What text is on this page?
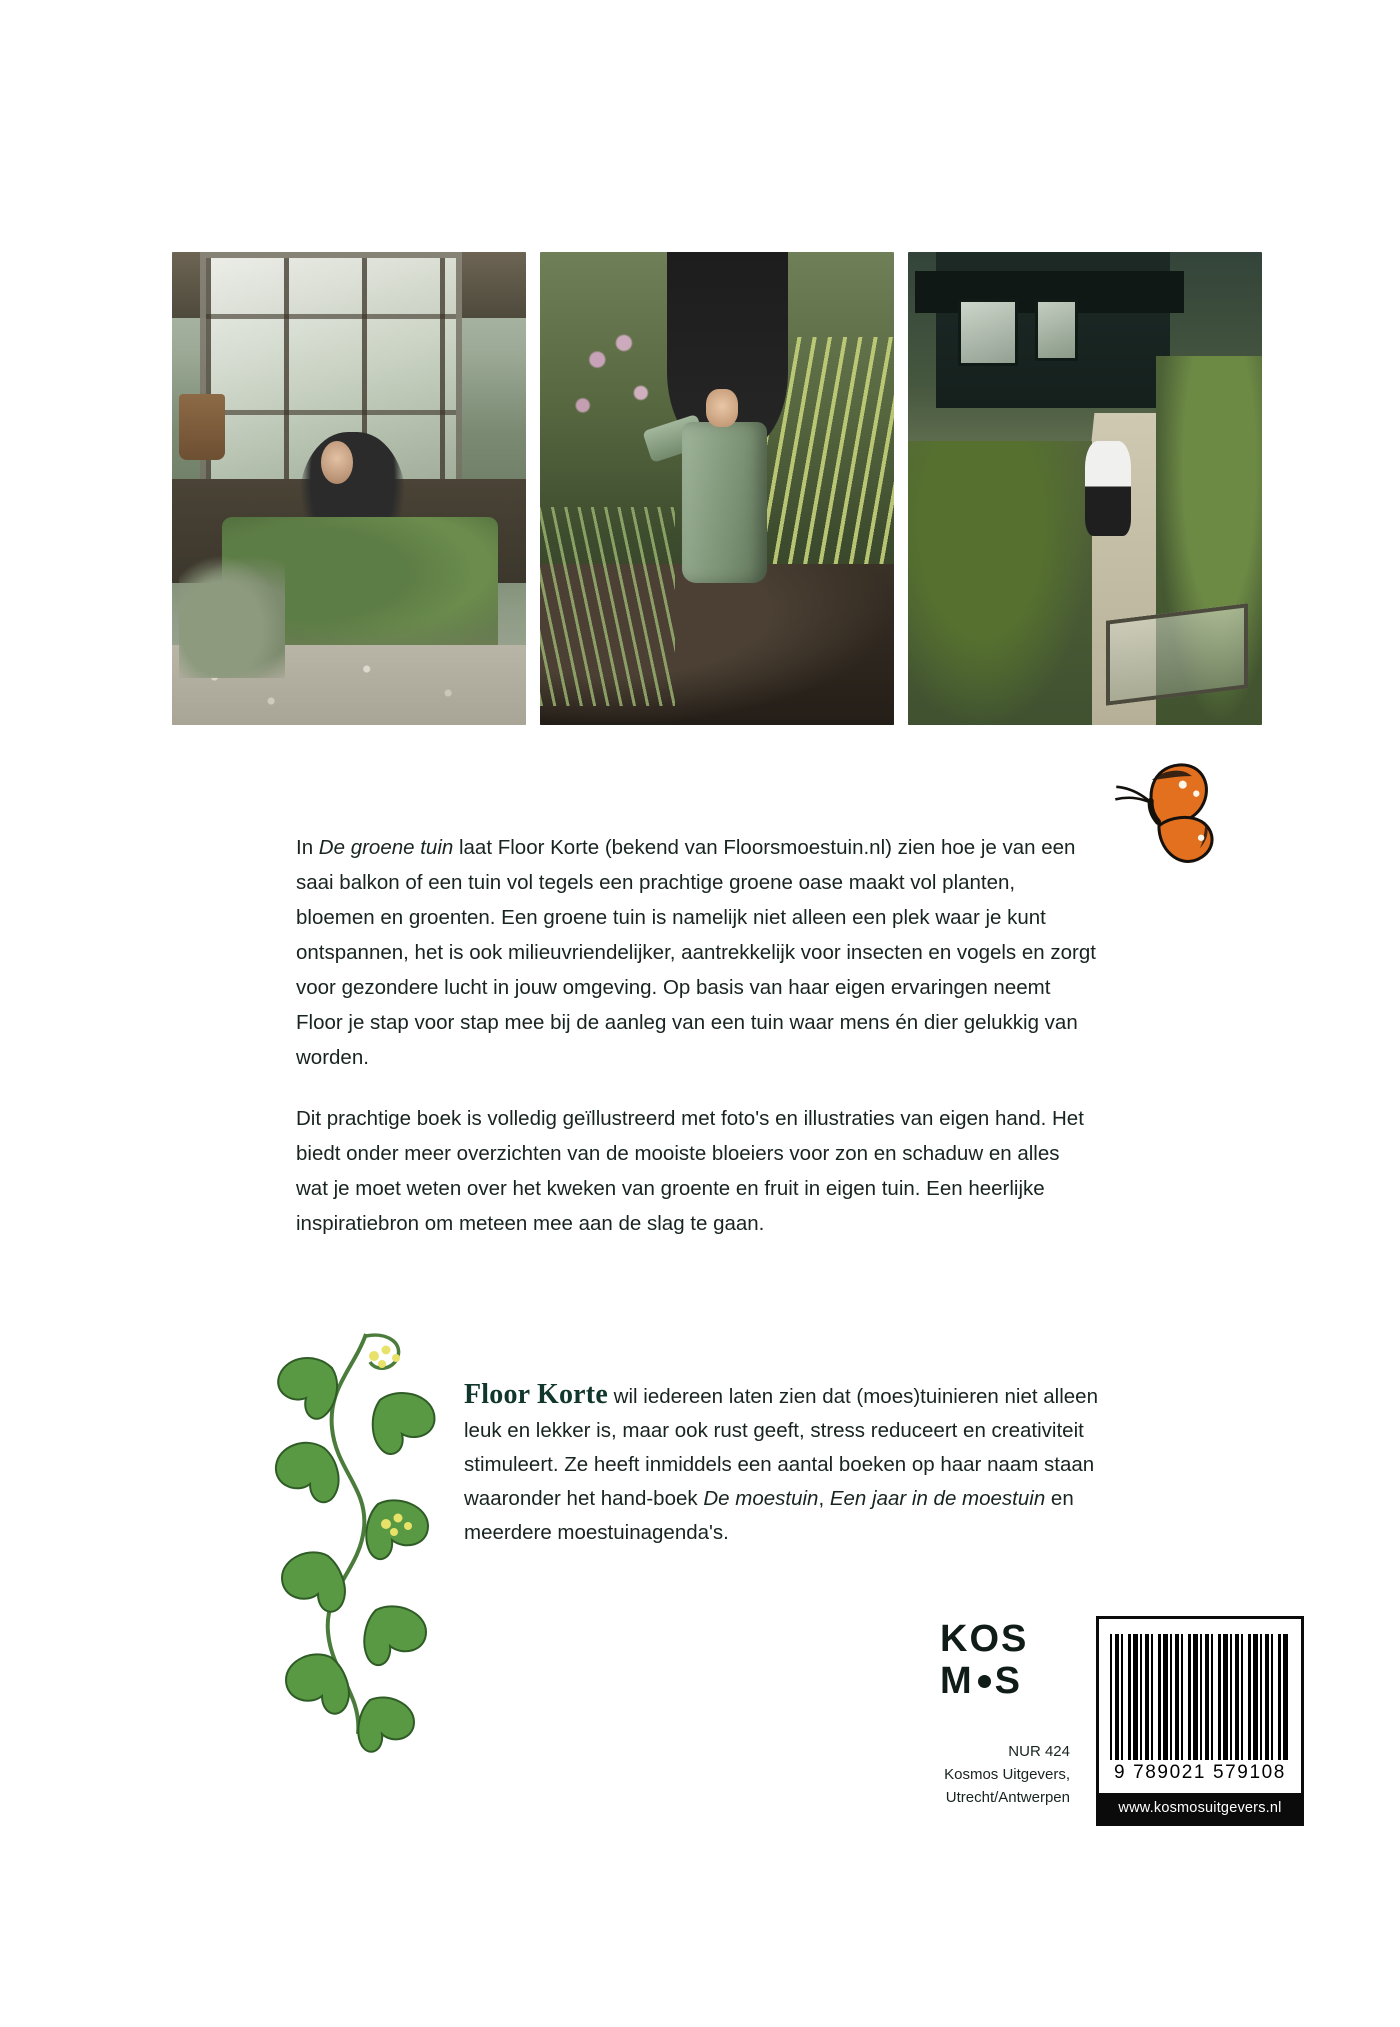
In De groene tuin laat Floor Korte (bekend van Floorsmoestuin.nl) zien hoe je van een saai balkon of een tuin vol tegels een prachtige groene oase maakt vol planten, bloemen en groenten. Een groene tuin is namelijk niet alleen een plek waar je kunt ontspannen, het is ook milieuvriendelijker, aantrekkelijk voor insecten en vogels en zorgt voor gezondere lucht in jouw omgeving. Op basis van haar eigen ervaringen neemt Floor je stap voor stap mee bij de aanleg van een tuin waar mens én dier gelukkig van worden.

Dit prachtige boek is volledig geïllustreerd met foto's en illustraties van eigen hand. Het biedt onder meer overzichten van de mooiste bloeiers voor zon en schaduw en alles wat je moet weten over het kweken van groente en fruit in eigen tuin. Een heerlijke inspiratiebron om meteen mee aan de slag te gaan.

Floor Korte wil iedereen laten zien dat (moes)tuinieren niet alleen leuk en lekker is, maar ook rust geeft, stress reduceert en creativiteit stimuleert. Ze heeft inmiddels een aantal boeken op haar naam staan waaronder het hand-boek De moestuin, Een jaar in de moestuin en meerdere moestuinagenda's.
KOS
M S
NUR 424
Kosmos Uitgevers,
Utrecht/Antwerpen
9 789021 579108
www.kosmosuitgevers.nl
